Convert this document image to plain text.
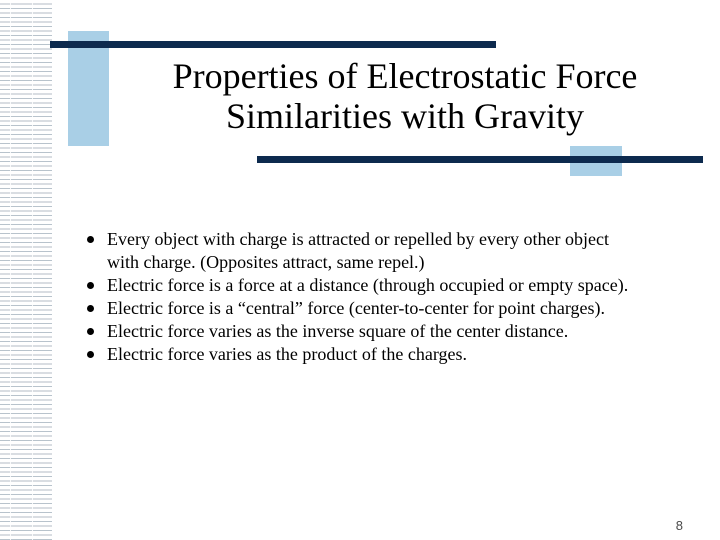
Properties of Electrostatic Force
Similarities with Gravity
Every object with charge is attracted or repelled by every other object with charge. (Opposites attract, same repel.)
Electric force is a force at a distance (through occupied or empty space).
Electric force is a “central” force (center-to-center for point charges).
Electric force varies as the inverse square of the center distance.
Electric force varies as the product of the charges.
8
